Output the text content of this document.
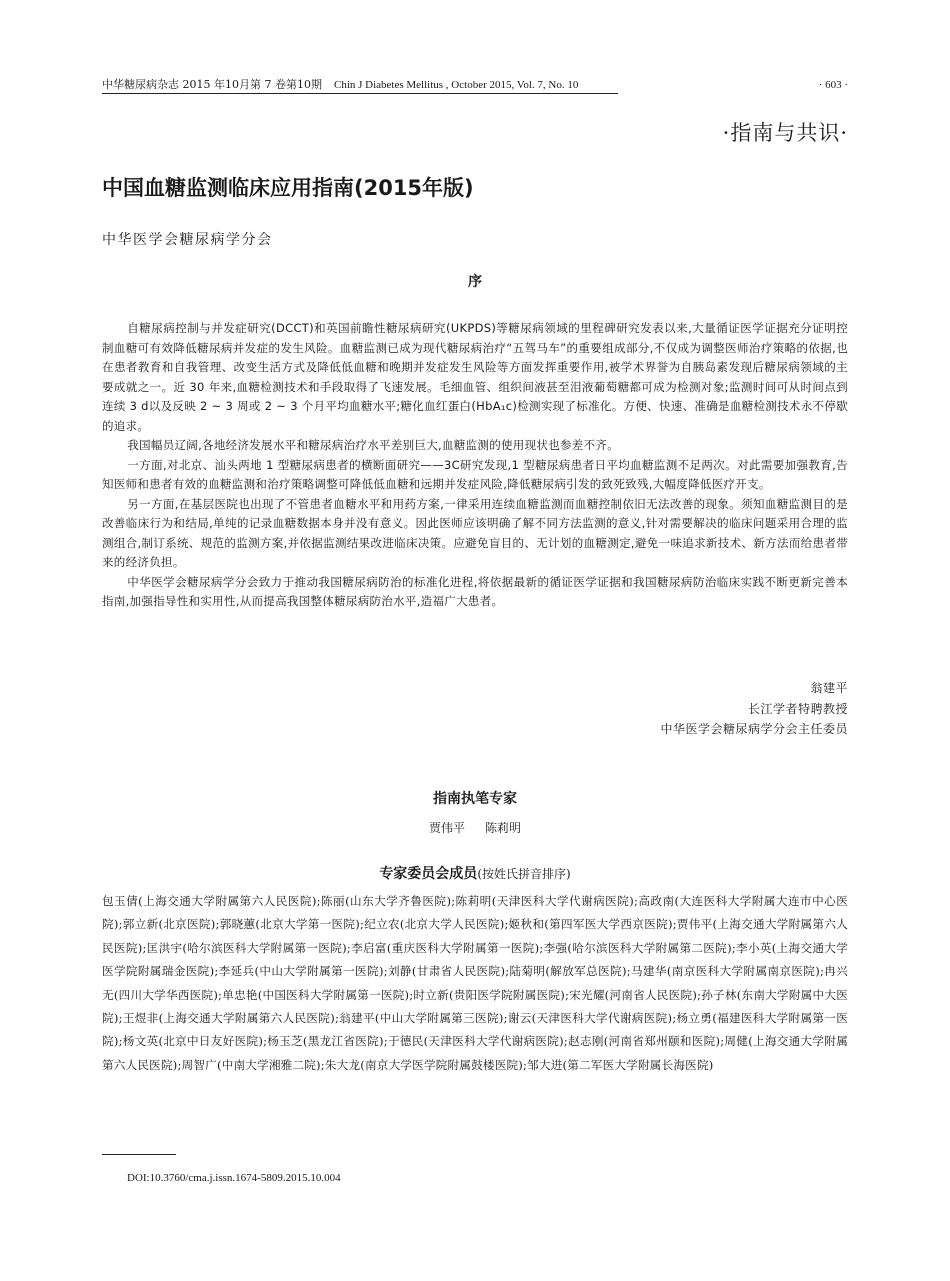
中华糖尿病杂志 2015 年10月第 7 卷第10期 Chin J Diabetes Mellitus , October 2015, Vol. 7, No. 10	· 603 ·
·指南与共识·
中国血糖监测临床应用指南(2015年版)
中华医学会糖尿病学分会
序

自糖尿病控制与并发症研究(DCCT)和英国前瞻性糖尿病研究(UKPDS)等糖尿病领域的里程碑研究发表以来,大量循证医学证据充分证明控制血糖可有效降低糖尿病并发症的发生风险。血糖监测已成为现代糖尿病治疗“五驾马车”的重要组成部分,不仅成为调整医师治疗策略的依据,也在患者教育和自我管理、改变生活方式及降低低血糖和晚期并发症发生风险等方面发挥重要作用,被学术界誉为自胰岛素发现后糖尿病领域的主要成就之一。近 30 年来,血糖检测技术和手段取得了飞速发展。毛细血管、组织间液甚至泪液葡萄糖都可成为检测对象;监测时间可从时间点到连续 3 d以及反映 2 ~ 3 周或 2 ~ 3 个月平均血糖水平;糖化血红蛋白(HbA₁c)检测实现了标准化。方便、快速、准确是血糖检测技术永不停歇的追求。

我国幅员辽阔,各地经济发展水平和糖尿病治疗水平差别巨大,血糖监测的使用现状也参差不齐。

一方面,对北京、汕头两地 1 型糖尿病患者的横断面研究——3C研究发现,1 型糖尿病患者日平均血糖监测不足两次。对此需要加强教育,告知医师和患者有效的血糖监测和治疗策略调整可降低低血糖和远期并发症风险,降低糖尿病引发的致死致残,大幅度降低医疗开支。

另一方面,在基层医院也出现了不管患者血糖水平和用药方案,一律采用连续血糖监测而血糖控制依旧无法改善的现象。须知血糖监测目的是改善临床行为和结局,单纯的记录血糖数据本身并没有意义。因此医师应该明确了解不同方法监测的意义,针对需要解决的临床问题采用合理的监测组合,制订系统、规范的监测方案,并依据监测结果改进临床决策。应避免盲目的、无计划的血糖测定,避免一味追求新技术、新方法而给患者带来的经济负担。

中华医学会糖尿病学分会致力于推动我国糖尿病防治的标准化进程,将依据最新的循证医学证据和我国糖尿病防治临床实践不断更新完善本指南,加强指导性和实用性,从而提高我国整体糖尿病防治水平,造福广大患者。

翁建平
长江学者特聘教授
中华医学会糖尿病学分会主任委员
指南执笔专家
贾伟平 陈莉明
专家委员会成员(按姓氏拼音排序)
包玉倩(上海交通大学附属第六人民医院);陈丽(山东大学齐鲁医院);陈莉明(天津医科大学代谢病医院);高政南(大连医科大学附属大连市中心医院);郭立新(北京医院);郭晓蕙(北京大学第一医院);纪立农(北京大学人民医院);姬秋和(第四军医大学西京医院);贾伟平(上海交通大学附属第六人民医院);匡洪宇(哈尔滨医科大学附属第一医院);李启富(重庆医科大学附属第一医院);李强(哈尔滨医科大学附属第二医院);李小英(上海交通大学医学院附属瑞金医院);李延兵(中山大学附属第一医院);刘静(甘肃省人民医院);陆菊明(解放军总医院);马建华(南京医科大学附属南京医院);冉兴无(四川大学华西医院);单忠艳(中国医科大学附属第一医院);时立新(贵阳医学院附属医院);宋光耀(河南省人民医院);孙子林(东南大学附属中大医院);王煜非(上海交通大学附属第六人民医院);翁建平(中山大学附属第三医院);谢云(天津医科大学代谢病医院);杨立勇(福建医科大学附属第一医院);杨文英(北京中日友好医院);杨玉芝(黑龙江省医院);于德民(天津医科大学代谢病医院);赵志刚(河南省郑州颐和医院);周健(上海交通大学附属第六人民医院);周智广(中南大学湘雅二院);朱大龙(南京大学医学院附属鼓楼医院);邹大进(第二军医大学附属长海医院)
DOI:10.3760/cma.j.issn.1674-5809.2015.10.004
